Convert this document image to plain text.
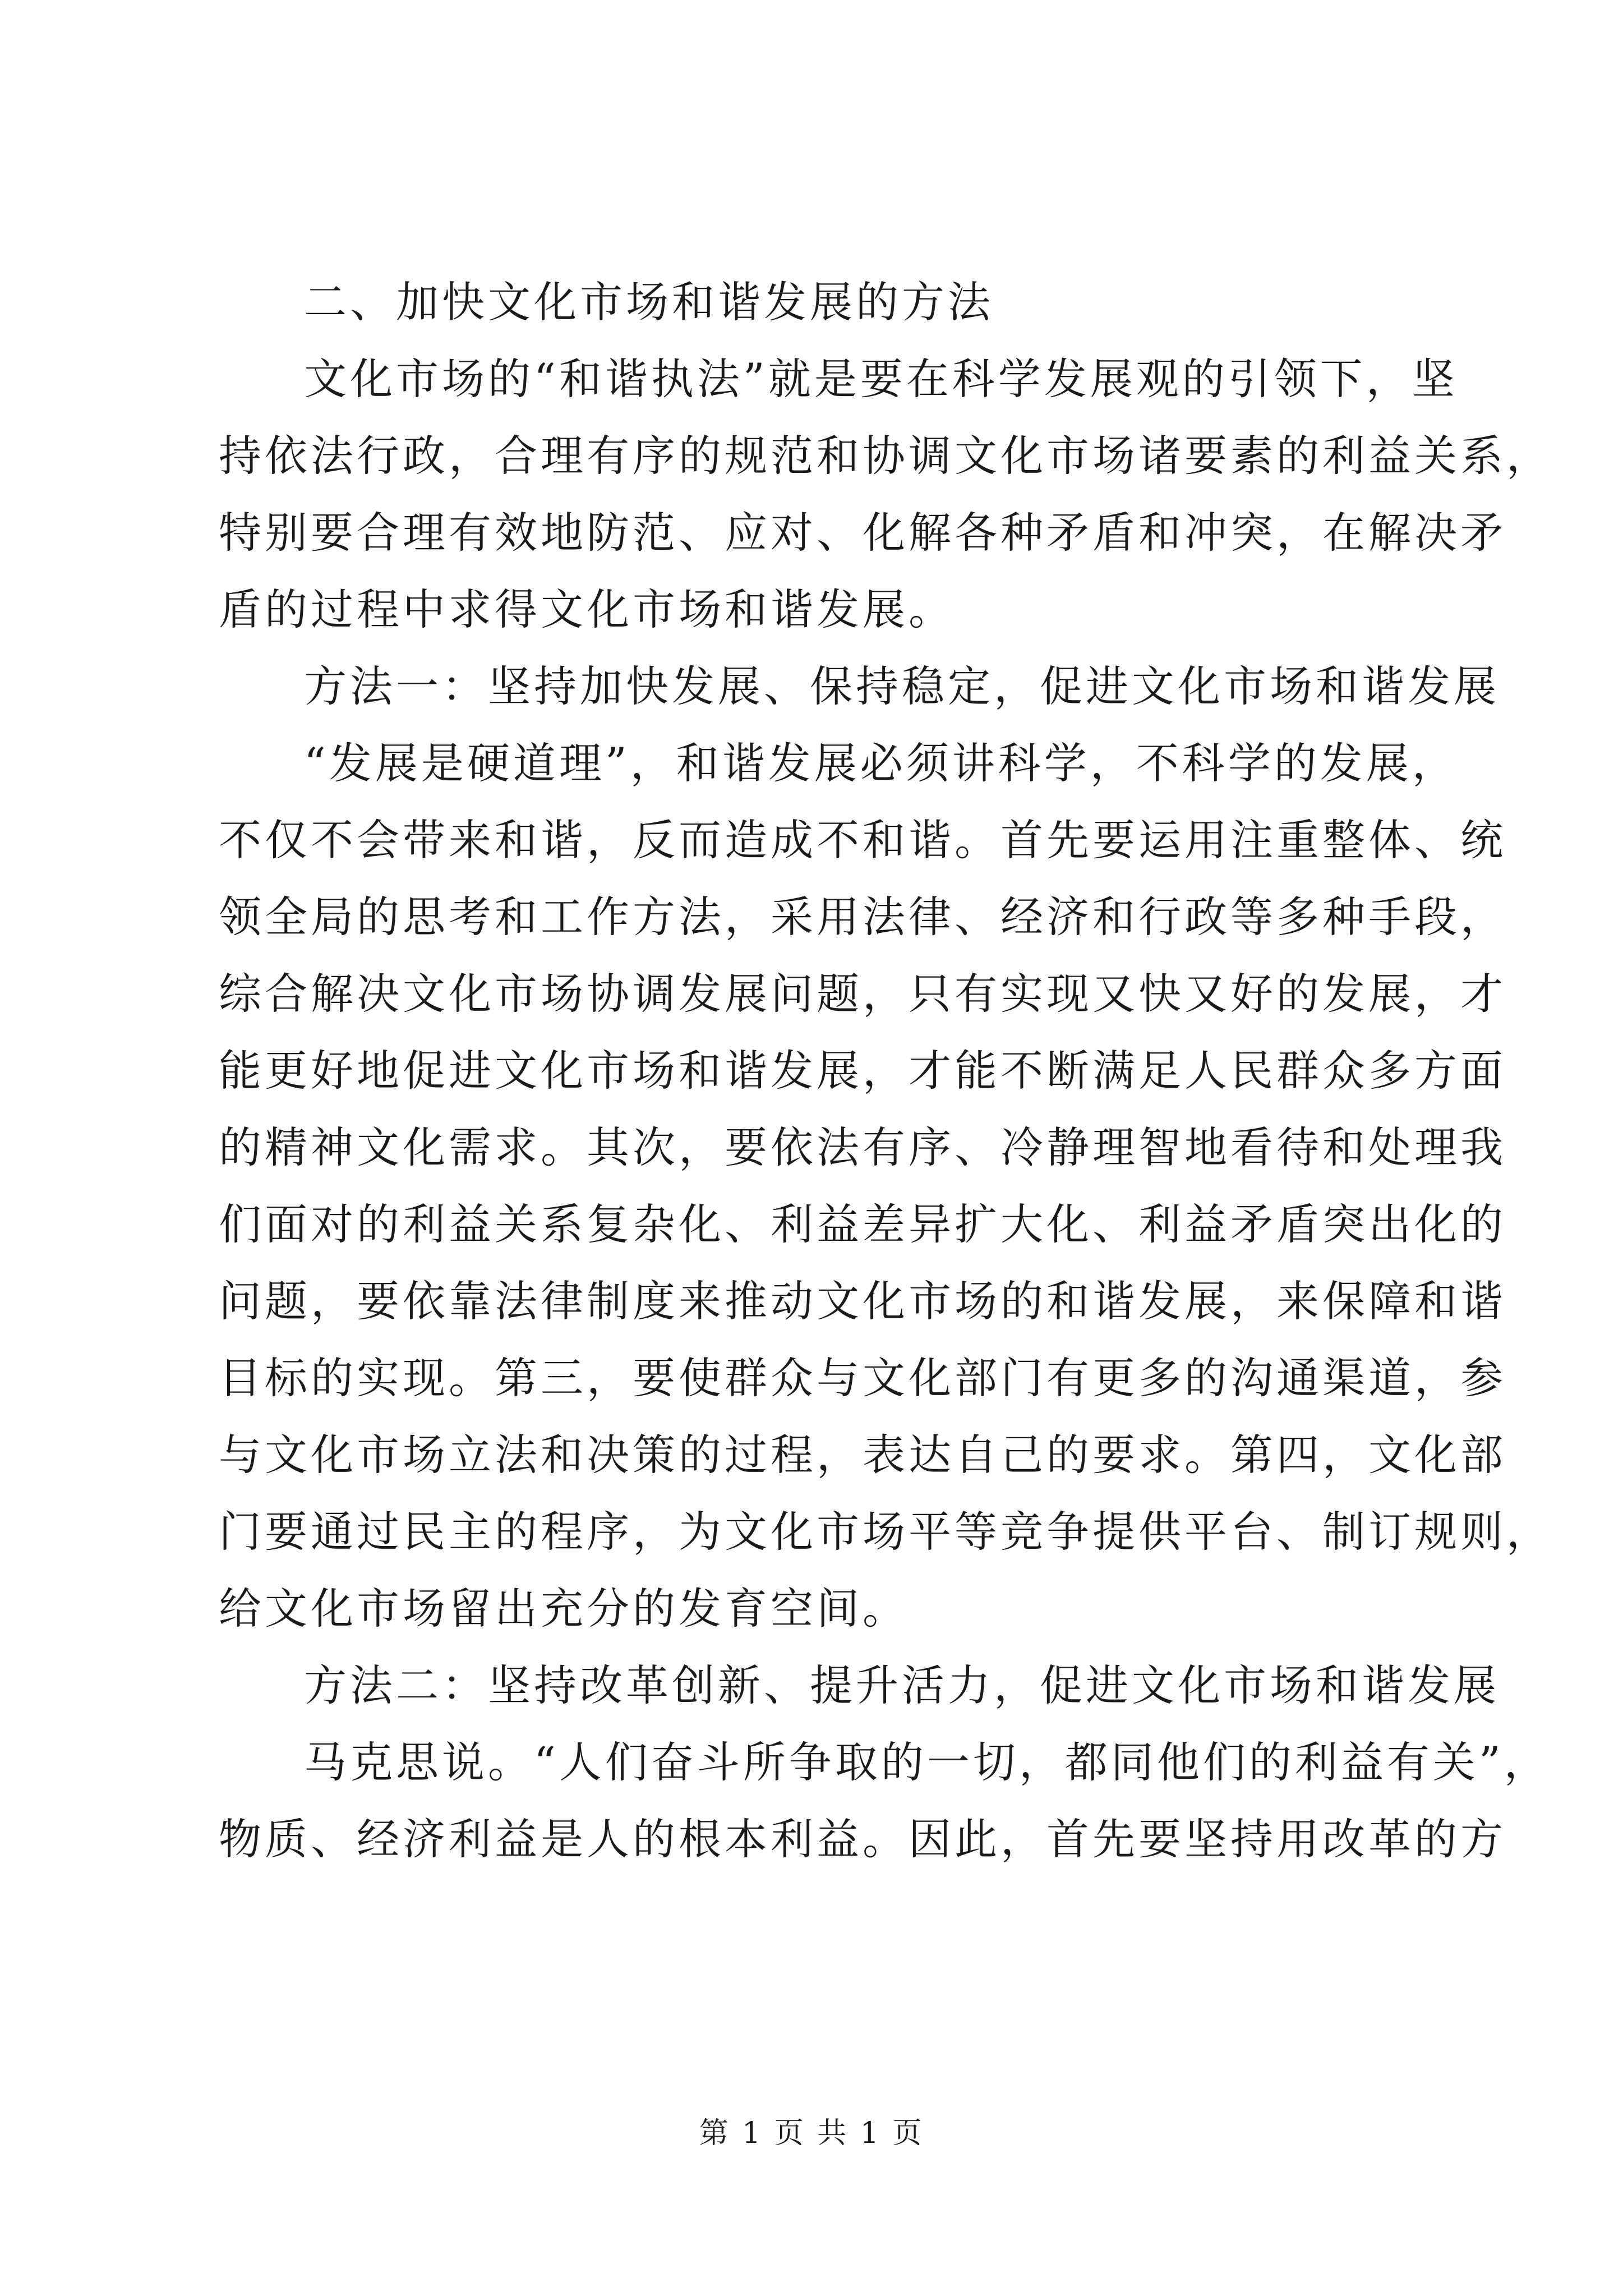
二、加快文化市场和谐发展的方法
文化市场的“和谐执法”就是要在科学发展观的引领下，坚
持依法行政，合理有序的规范和协调文化市场诸要素的利益关系，
特别要合理有效地防范、应对、化解各种矛盾和冲突，在解决矛
盾的过程中求得文化市场和谐发展。
方法一：坚持加快发展、保持稳定，促进文化市场和谐发展
“发展是硬道理”，和谐发展必须讲科学，不科学的发展，
不仅不会带来和谐，反而造成不和谐。首先要运用注重整体、统
领全局的思考和工作方法，采用法律、经济和行政等多种手段，
综合解决文化市场协调发展问题，只有实现又快又好的发展，才
能更好地促进文化市场和谐发展，才能不断满足人民群众多方面
的精神文化需求。其次，要依法有序、冷静理智地看待和处理我
们面对的利益关系复杂化、利益差异扩大化、利益矛盾突出化的
问题，要依靠法律制度来推动文化市场的和谐发展，来保障和谐
目标的实现。第三，要使群众与文化部门有更多的沟通渠道，参
与文化市场立法和决策的过程，表达自己的要求。第四，文化部
门要通过民主的程序，为文化市场平等竞争提供平台、制订规则，
给文化市场留出充分的发育空间。
方法二：坚持改革创新、提升活力，促进文化市场和谐发展
马克思说。“人们奋斗所争取的一切，都同他们的利益有关”，
物质、经济利益是人的根本利益。因此，首先要坚持用改革的方
第 1 页 共 1 页
